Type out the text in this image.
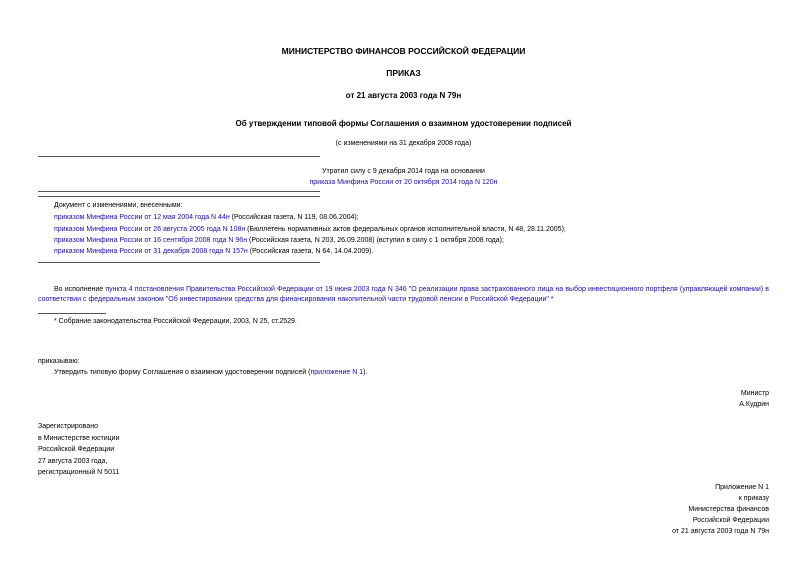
МИНИСТЕРСТВО ФИНАНСОВ РОССИЙСКОЙ ФЕДЕРАЦИИ
ПРИКАЗ
от 21 августа 2003 года N 79н
Об утверждении типовой формы Соглашения о взаимном удостоверении подписей
(с изменениями на 31 декабря 2008 года)
Утратил силу с 9 декабря 2014 года на основании
приказа Минфина России от 20 октября 2014 года N 120н
Документ с изменениями, внесенными:
приказом Минфина России от 12 мая 2004 года N 44н (Российская газета, N 119, 08.06.2004);
приказом Минфина России от 26 августа 2005 года N 108н (Бюллетень нормативных актов федеральных органов исполнительной власти, N 48, 28.11.2005);
приказом Минфина России от 16 сентября 2008 года N 96н (Российская газета, N 203, 26.09.2008) (вступил в силу с 1 октября 2008 года);
приказом Минфина России от 31 декабря 2008 года N 157н (Российская газета, N 64, 14.04.2009).
Во исполнение пункта 4 постановления Правительства Российской Федерации от 19 июня 2003 года N 346 "О реализации права застрахованного лица на выбор инвестиционного портфеля (управляющей компании) в соответствии с федеральным законом "Об инвестировании средства для финансирования накопительной части трудовой пенсии в Российской Федерации" *
* Собрание законодательства Российской Федерации, 2003, N 25, ст.2529.
приказываю:
Утвердить типовую форму Соглашения о взаимном удостоверении подписей (приложение N 1).
Министр
А.Кудрин
Зарегистрировано
в Министерстве юстиции
Российской Федерации
27 августа 2003 года,
регистрационный N 5011
Приложение N 1
к приказу
Министерства финансов
Российской Федерации
от 21 августа 2003 года N 79н
